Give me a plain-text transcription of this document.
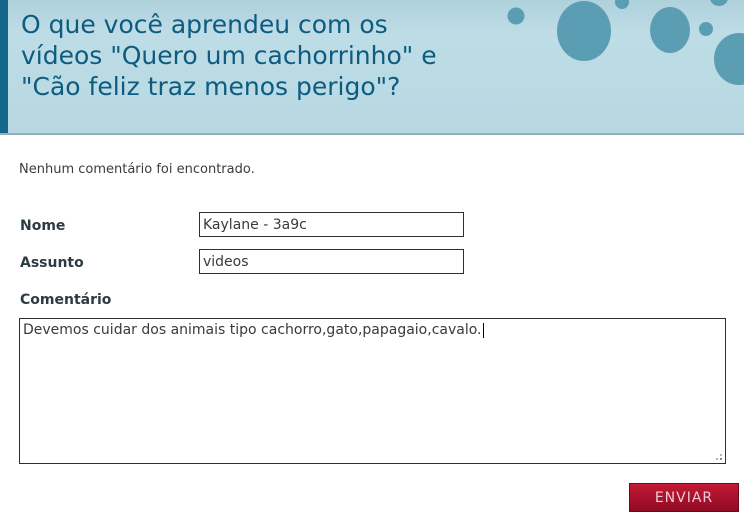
O que você aprendeu com os
vídeos "Quero um cachorrinho" e
"Cão feliz traz menos perigo"?
Nenhum comentário foi encontrado.
Nome
Kaylane - 3a9c
Assunto
videos
Comentário
Devemos cuidar dos animais tipo cachorro,gato,papagaio,cavalo.
ENVIAR
